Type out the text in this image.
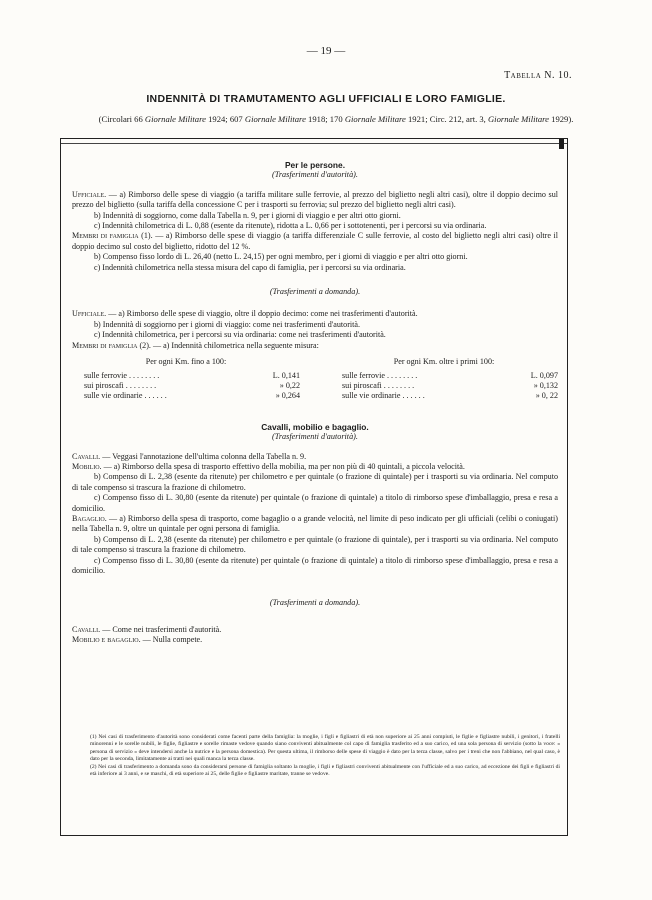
— 19 —
Tabella N. 10.
INDENNITÀ DI TRAMUTAMENTO AGLI UFFICIALI E LORO FAMIGLIE.
(Circolari 66 Giornale Militare 1924; 607 Giornale Militare 1918; 170 Giornale Militare 1921; Circ. 212, art. 3, Giornale Militare 1929).
Per le persone.
(Trasferimenti d'autorità).

Ufficiale. — a) Rimborso delle spese di viaggio (a tariffa militare sulle ferrovie, al prezzo del biglietto negli altri casi), oltre il doppio decimo sul prezzo del biglietto (sulla tariffa della concessione C per i trasporti su ferrovia; sul prezzo del biglietto negli altri casi).

b) Indennità di soggiorno, come dalla Tabella n. 9, per i giorni di viaggio e per altri otto giorni.

c) Indennità chilometrica di L. 0,88 (esente da ritenute), ridotta a L. 0,66 per i sottotenenti, per i percorsi su via ordinaria.

Membri di famiglia (1). — a) Rimborso delle spese di viaggio (a tariffa differenziale C sulle ferrovie, al costo del biglietto negli altri casi) oltre il doppio decimo sul costo del biglietto, ridotto del 12 %.

b) Compenso fisso lordo di L. 26,40 (netto L. 24,15) per ogni membro, per i giorni di viaggio e per altri otto giorni.

c) Indennità chilometrica nella stessa misura del capo di famiglia, per i percorsi su via ordinaria.

(Trasferimenti a domanda).

Ufficiale. — a) Rimborso delle spese di viaggio, oltre il doppio decimo: come nei trasferimenti d'autorità.

b) Indennità di soggiorno per i giorni di viaggio: come nei trasferimenti d'autorità.

c) Indennità chilometrica, per i percorsi su via ordinaria: come nei trasferimenti d'autorità.

Membri di famiglia (2). — a) Indennità chilometrica nella seguente misura:

Per ogni Km. fino a 100:
sulle ferrovie . . . . . . . .	L. 0,141
sui piroscafi . . . . . . . .	» 0,22
sulle vie ordinarie . . . . . .	» 0,264
Per ogni Km. oltre i primi 100:
sulle ferrovie . . . . . . . .	L. 0,097
sui piroscafi . . . . . . . .	» 0,132
sulle vie ordinarie . . . . . .	» 0, 22
Cavalli, mobilio e bagaglio.
(Trasferimenti d'autorità).

Cavalli. — Veggasi l'annotazione dell'ultima colonna della Tabella n. 9.

Mobilio. — a) Rimborso della spesa di trasporto effettivo della mobilia, ma per non più di 40 quintali, a piccola velocità.

b) Compenso di L. 2,38 (esente da ritenute) per chilometro e per quintale (o frazione di quintale) per i trasporti su via ordinaria. Nel computo di tale compenso si trascura la frazione di chilometro.

c) Compenso fisso di L. 30,80 (esente da ritenute) per quintale (o frazione di quintale) a titolo di rimborso spese d'imballaggio, presa e resa a domicilio.

Bagaglio. — a) Rimborso della spesa di trasporto, come bagaglio o a grande velocità, nel limite di peso indicato per gli ufficiali (celibi o coniugati) nella Tabella n. 9, oltre un quintale per ogni persona di famiglia.

b) Compenso di L. 2,38 (esente da ritenute) per chilometro e per quintale (o frazione di quintale), per i trasporti su via ordinaria. Nel computo di tale compenso si trascura la frazione di chilometro.

c) Compenso fisso di L. 30,80 (esente da ritenute) per quintale (o frazione di quintale) a titolo di rimborso spese d'imballaggio, presa e resa a domicilio.

(Trasferimenti a domanda).

Cavalli. — Come nei trasferimenti d'autorità.

Mobilio e bagaglio. — Nulla compete.

(1) Nei casi di trasferimento d'autorità sono considerati come facenti parte della famiglia: la moglie, i figli e figliastri di età non superiore ai 25 anni compiuti, le figlie e figliastre nubili, i genitori, i fratelli minorenni e le sorelle nubili, le figlie, figliastre e sorelle rimaste vedove quando siano conviventi abitualmente col capo di famiglia trasferito ed a suo carico, ed una sola persona di servizio (sotto la voce: « persona di servizio » deve intendersi anche la nutrice e la persona domestica). Per questa ultima, il rimborso delle spese di viaggio è dato per la terza classe, salvo per i treni che non l'abbiano, nel qual caso, è dato per la seconda, limitatamente ai tratti nei quali manca la terza classe.

(2) Nei casi di trasferimento a domanda sono da considerarsi persone di famiglia soltanto la moglie, i figli e figliastri conviventi abitualmente con l'ufficiale ed a suo carico, ad eccezione dei figli e figliastri di età inferiore ai 3 anni, e se maschi, di età superiore ai 25, delle figlie e figliastre maritate, tranne se vedove.
